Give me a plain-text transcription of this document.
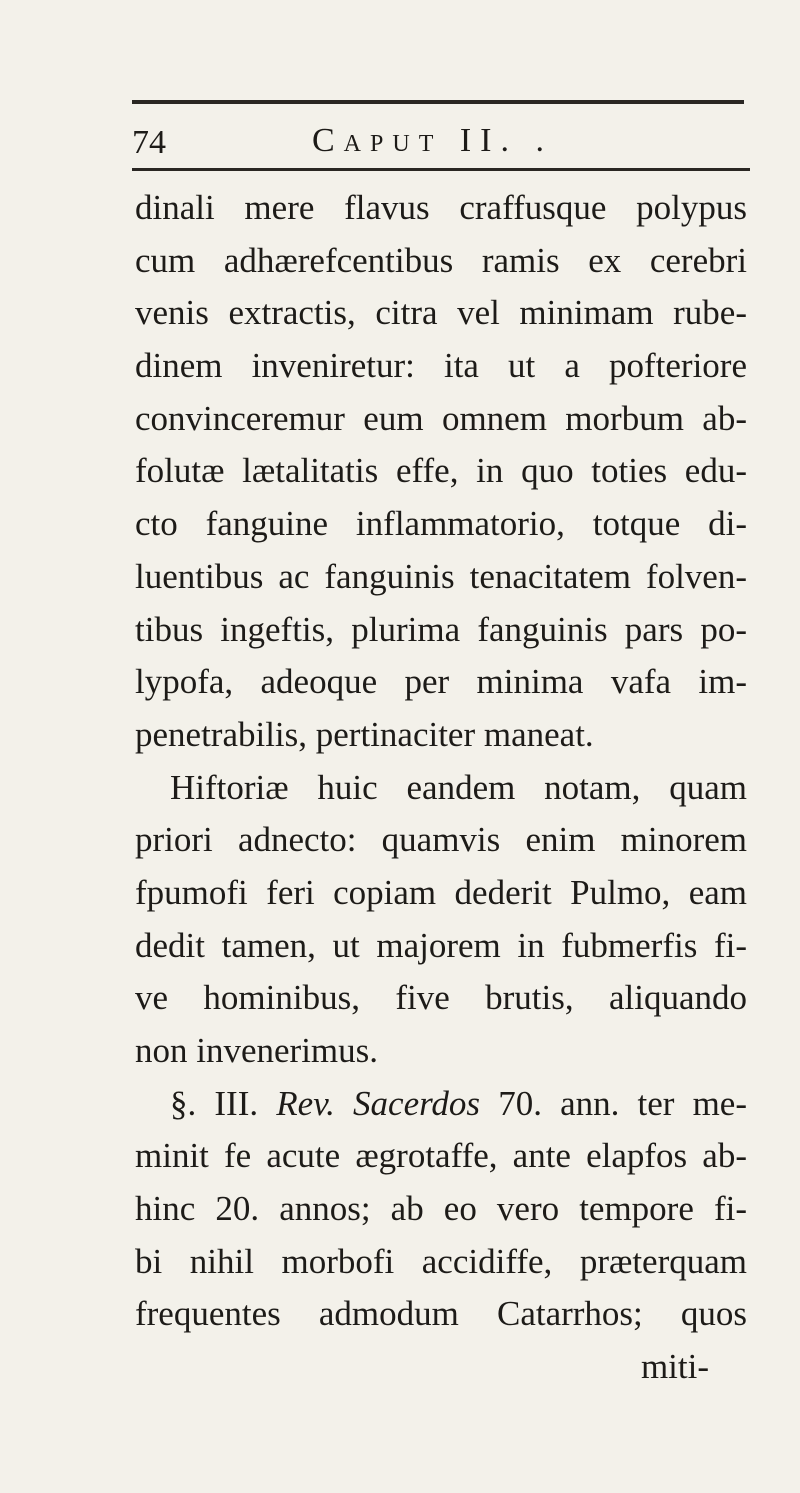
74	Caput II. .
dinali merе flavus craffusque polypus
cum adhærefcentibus ramis ex cerebri
venis extractis, citra vel minimam rube-
dinem inveniretur: ita ut a pofteriore
convinceremur eum omnem morbum ab-
folutæ lætalitatis effe, in quo toties edu-
cto fanguine inflammatorio, totque di-
luentibus ac fanguinis tenacitatem folven-
tibus ingeftis, plurima fanguinis pars po-
lypofa, adeoque per minima vafa im-
penetrabilis, pertinaciter maneat.
Hiftoriæ huic eandem notam, quam
priori adnecto: quamvis enim minorem
fpumofi feri copiam dederit Pulmo, eam
dedit tamen, ut majorem in fubmerfis fi-
ve hominibus, five brutis, aliquando
non invenerimus.
§. III. Rev. Sacerdos 70. ann. ter me-
minit fe acute ægrotaffe, ante elapfos ab-
hinc 20. annos; ab eo vero tempore fi-
bi nihil morbofi accidiffe, præterquam
frequentes admodum Catarrhos; quos
miti-
